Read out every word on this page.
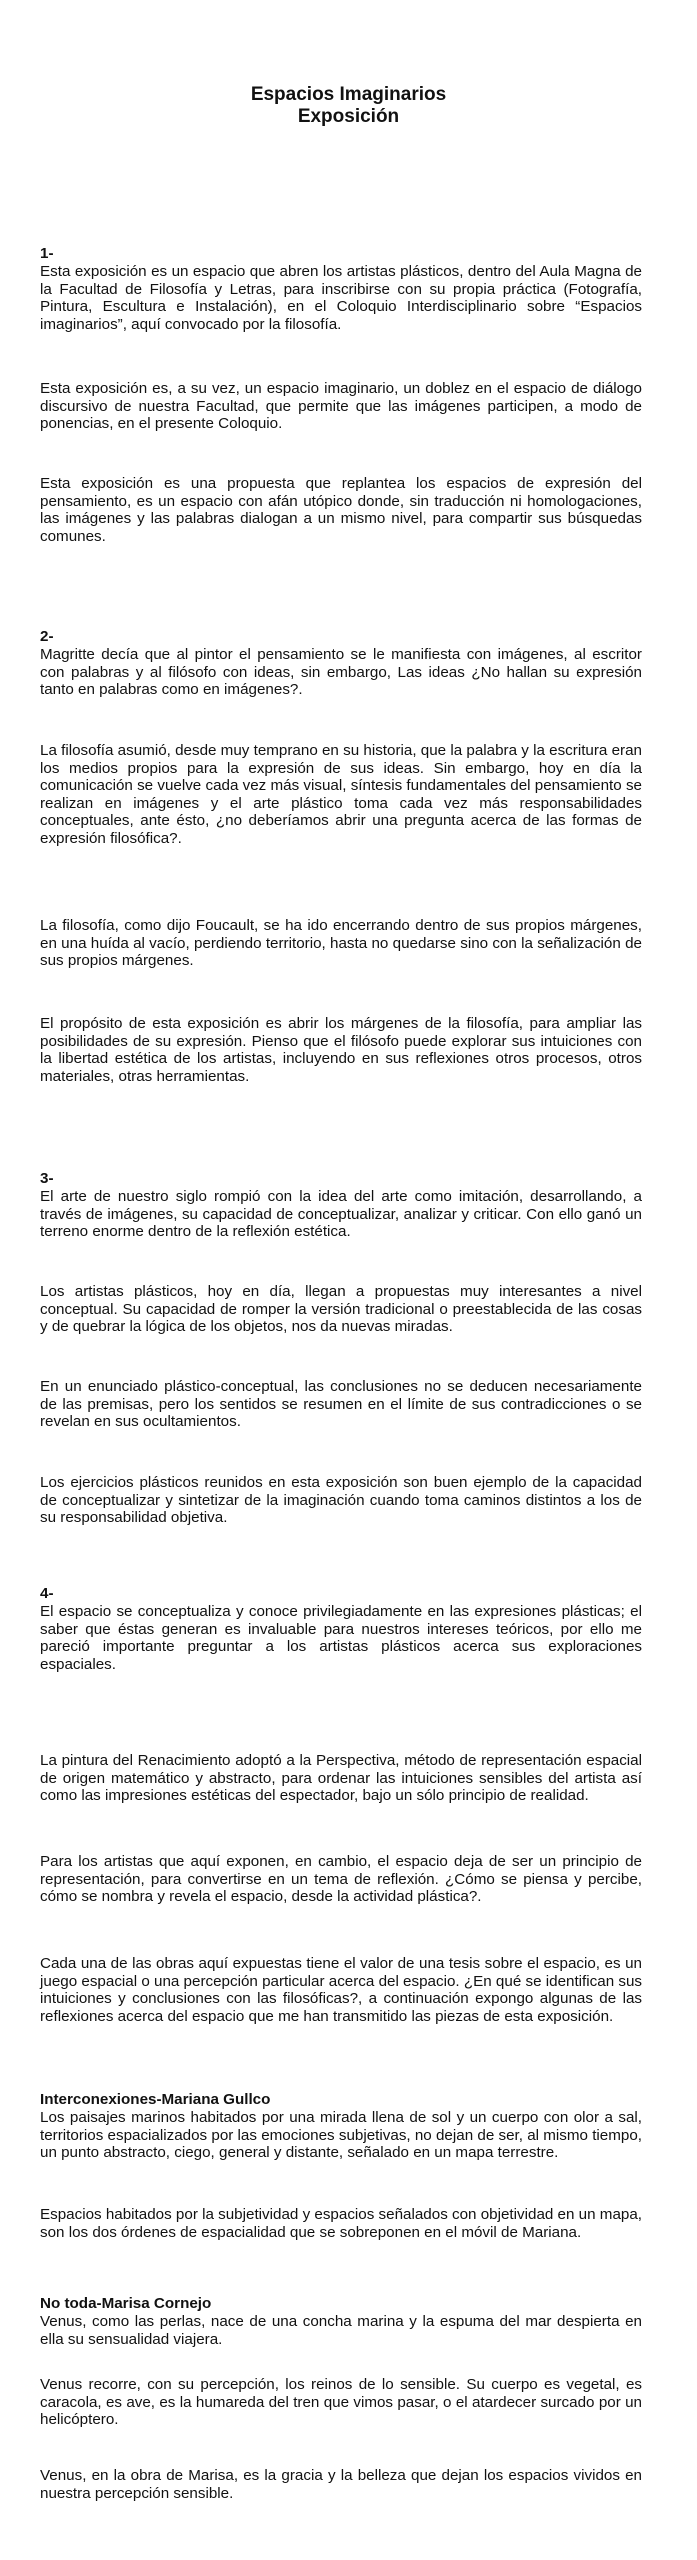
Espacios Imaginarios
Exposición
1-

Esta exposición es un espacio que abren los artistas plásticos, dentro del Aula Magna de la Facultad de Filosofía y Letras, para inscribirse con su propia práctica (Fotografía, Pintura, Escultura e Instalación), en el Coloquio Interdisciplinario sobre “Espacios imaginarios”, aquí convocado por la filosofía.

Esta exposición es, a su vez, un espacio imaginario, un doblez en el espacio de diálogo discursivo de nuestra Facultad, que permite que las imágenes participen, a modo de ponencias, en el presente Coloquio.

Esta exposición es una propuesta que replantea los espacios de expresión del pensamiento, es un espacio con afán utópico donde, sin traducción ni homologaciones, las imágenes y las palabras dialogan a un mismo nivel, para compartir sus búsquedas comunes.

2-

Magritte decía que al pintor el pensamiento se le manifiesta con imágenes, al escritor con palabras y al filósofo con ideas, sin embargo, Las ideas ¿No hallan su expresión tanto en palabras como en imágenes?.

La filosofía asumió, desde muy temprano en su historia, que la palabra y la escritura eran los medios propios para la expresión de sus ideas. Sin embargo, hoy en día la comunicación se vuelve cada vez más visual, síntesis fundamentales del pensamiento se realizan en imágenes y el arte plástico toma cada vez más responsabilidades conceptuales, ante ésto, ¿no deberíamos abrir una pregunta acerca de las formas de expresión filosófica?.

La filosofía, como dijo Foucault, se ha ido encerrando dentro de sus propios márgenes, en una huída al vacío, perdiendo territorio, hasta no quedarse sino con la señalización de sus propios márgenes.

El propósito de esta exposición es abrir los márgenes de la filosofía, para ampliar las posibilidades de su expresión. Pienso que el filósofo puede explorar sus intuiciones con la libertad estética de los artistas, incluyendo en sus reflexiones otros procesos, otros materiales, otras herramientas.

3-

El arte de nuestro siglo rompió con la idea del arte como imitación, desarrollando, a través de imágenes, su capacidad de conceptualizar, analizar y criticar. Con ello ganó un terreno enorme dentro de la reflexión estética.

Los artistas plásticos, hoy en día, llegan a propuestas muy interesantes a nivel conceptual. Su capacidad de romper la versión tradicional o preestablecida de las cosas y de quebrar la lógica de los objetos, nos da nuevas miradas.

En un enunciado plástico-conceptual, las conclusiones no se deducen necesariamente de las premisas, pero los sentidos se resumen en el límite de sus contradicciones o se revelan en sus ocultamientos.

Los ejercicios plásticos reunidos en esta exposición son buen ejemplo de la capacidad de conceptualizar y sintetizar de la imaginación cuando toma caminos distintos a los de su responsabilidad objetiva.

4-

El espacio se conceptualiza y conoce privilegiadamente en las expresiones plásticas; el saber que éstas generan es invaluable para nuestros intereses teóricos, por ello me pareció importante preguntar a los artistas plásticos acerca sus exploraciones espaciales.

La pintura del Renacimiento adoptó a la Perspectiva, método de representación espacial de origen matemático y abstracto, para ordenar las intuiciones sensibles del artista así como las impresiones estéticas del espectador, bajo un sólo principio de realidad.

Para los artistas que aquí exponen, en cambio, el espacio deja de ser un principio de representación, para convertirse en un tema de reflexión. ¿Cómo se piensa y percibe, cómo se nombra y revela el espacio, desde la actividad plástica?.

Cada una de las obras aquí expuestas tiene el valor de una tesis sobre el espacio, es un juego espacial o una percepción particular acerca del espacio. ¿En qué se identifican sus intuiciones y conclusiones con las filosóficas?, a continuación expongo algunas de las reflexiones acerca del espacio que me han transmitido las piezas de esta exposición.

Interconexiones-Mariana Gullco

Los paisajes marinos habitados por una mirada llena de sol y un cuerpo con olor a sal, territorios espacializados por las emociones subjetivas, no dejan de ser, al mismo tiempo, un punto abstracto, ciego, general y distante, señalado en un mapa terrestre.

Espacios habitados por la subjetividad y espacios señalados con objetividad en un mapa, son los dos órdenes de espacialidad que se sobreponen en el móvil de Mariana.

No toda-Marisa Cornejo

Venus, como las perlas, nace de una concha marina y la espuma del mar despierta en ella su sensualidad viajera.

Venus recorre, con su percepción, los reinos de lo sensible. Su cuerpo es vegetal, es caracola, es ave, es la humareda del tren que vimos pasar, o el atardecer surcado por un helicóptero.

Venus, en la obra de Marisa, es la gracia y la belleza que dejan los espacios vividos en nuestra percepción sensible.
